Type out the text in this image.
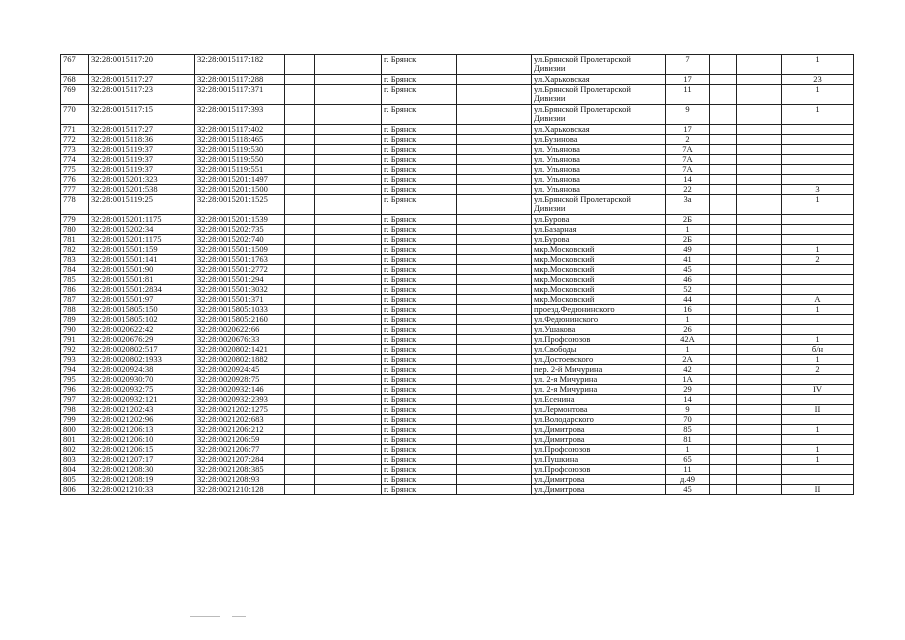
767	32:28:0015117:20	32:28:0015117:182			г. Брянск		ул.Брянской Пролетарской Дивизии	7			1
768	32:28:0015117:27	32:28:0015117:288			г. Брянск		ул.Харьковская	17			23
769	32:28:0015117:23	32:28:0015117:371			г. Брянск		ул.Брянской Пролетарской Дивизии	11			1
770	32:28:0015117:15	32:28:0015117:393			г. Брянск		ул.Брянской Пролетарской Дивизии	9			1
771	32:28:0015117:27	32:28:0015117:402			г. Брянск		ул.Харьковская	17			
772	32:28:0015118:36	32:28:0015118:465			г. Брянск		ул.Бузинова	2			
773	32:28:0015119:37	32:28:0015119:530			г. Брянск		ул. Ульянова	7А			
774	32:28:0015119:37	32:28:0015119:550			г. Брянск		ул. Ульянова	7А			
775	32:28:0015119:37	32:28:0015119:551			г. Брянск		ул. Ульянова	7А			
776	32:28:0015201:323	32:28:0015201:1497			г. Брянск		ул. Ульянова	14			
777	32:28:0015201:538	32:28:0015201:1500			г. Брянск		ул. Ульянова	22			3
778	32:28:0015119:25	32:28:0015201:1525			г. Брянск		ул.Брянской Пролетарской Дивизии	3а			1
779	32:28:0015201:1175	32:28:0015201:1539			г. Брянск		ул.Бурова	2Б			
780	32:28:0015202:34	32:28:0015202:735			г. Брянск		ул.Базарная	1			
781	32:28:0015201:1175	32:28:0015202:740			г. Брянск		ул.Бурова	2Б			
782	32:28:0015501:159	32:28:0015501:1509			г. Брянск		мкр.Московский	49			1
783	32:28:0015501:141	32:28:0015501:1763			г. Брянск		мкр.Московский	41			2
784	32:28:0015501:90	32:28:0015501:2772			г. Брянск		мкр.Московский	45			
785	32:28:0015501:81	32:28:0015501:294			г. Брянск		мкр.Московский	46			
786	32:28:0015501:2834	32:28:0015501:3032			г. Брянск		мкр.Московский	52			
787	32:28:0015501:97	32:28:0015501:371			г. Брянск		мкр.Московский	44			А
788	32:28:0015805:150	32:28:0015805:1033			г. Брянск		проезд.Федюнинского	16			1
789	32:28:0015805:102	32:28:0015805:2160			г. Брянск		ул.Федюнинского	1			
790	32:28:0020622:42	32:28:0020622:66			г. Брянск		ул.Ушакова	26			
791	32:28:0020676:29	32:28:0020676:33			г. Брянск		ул.Профсоюзов	42А			1
792	32:28:0020802:517	32:28:0020802:1421			г. Брянск		ул.Свободы	1			б/н
793	32:28:0020802:1933	32:28:0020802:1882			г. Брянск		ул.Достоевского	2А			1
794	32:28:0020924:38	32:28:0020924:45			г. Брянск		пер. 2-й Мичурина	42			2
795	32:28:0020930:70	32:28:0020928:75			г. Брянск		ул. 2-я Мичурина	1А			
796	32:28:0020932:75	32:28:0020932:146			г. Брянск		ул. 2-я Мичурина	29			IV
797	32:28:0020932:121	32:28:0020932:2393			г. Брянск		ул.Есенина	14			
798	32:28:0021202:43	32:28:0021202:1275			г. Брянск		ул.Лермонтова	9			II
799	32:28:0021202:96	32:28:0021202:683			г. Брянск		ул.Володарского	70			
800	32:28:0021206:13	32:28:0021206:212			г. Брянск		ул.Димитрова	85			1
801	32:28:0021206:10	32:28:0021206:59			г. Брянск		ул.Димитрова	81			
802	32:28:0021206:15	32:28:0021206:77			г. Брянск		ул.Профсоюзов	1			1
803	32:28:0021207:17	32:28:0021207:284			г. Брянск		ул.Пушкина	65			1
804	32:28:0021208:30	32:28:0021208:385			г. Брянск		ул.Профсоюзов	11			
805	32:28:0021208:19	32:28:0021208:93			г. Брянск		ул.Димитрова	д.49			
806	32:28:0021210:33	32:28:0021210:128			г. Брянск		ул.Димитрова	45			II
